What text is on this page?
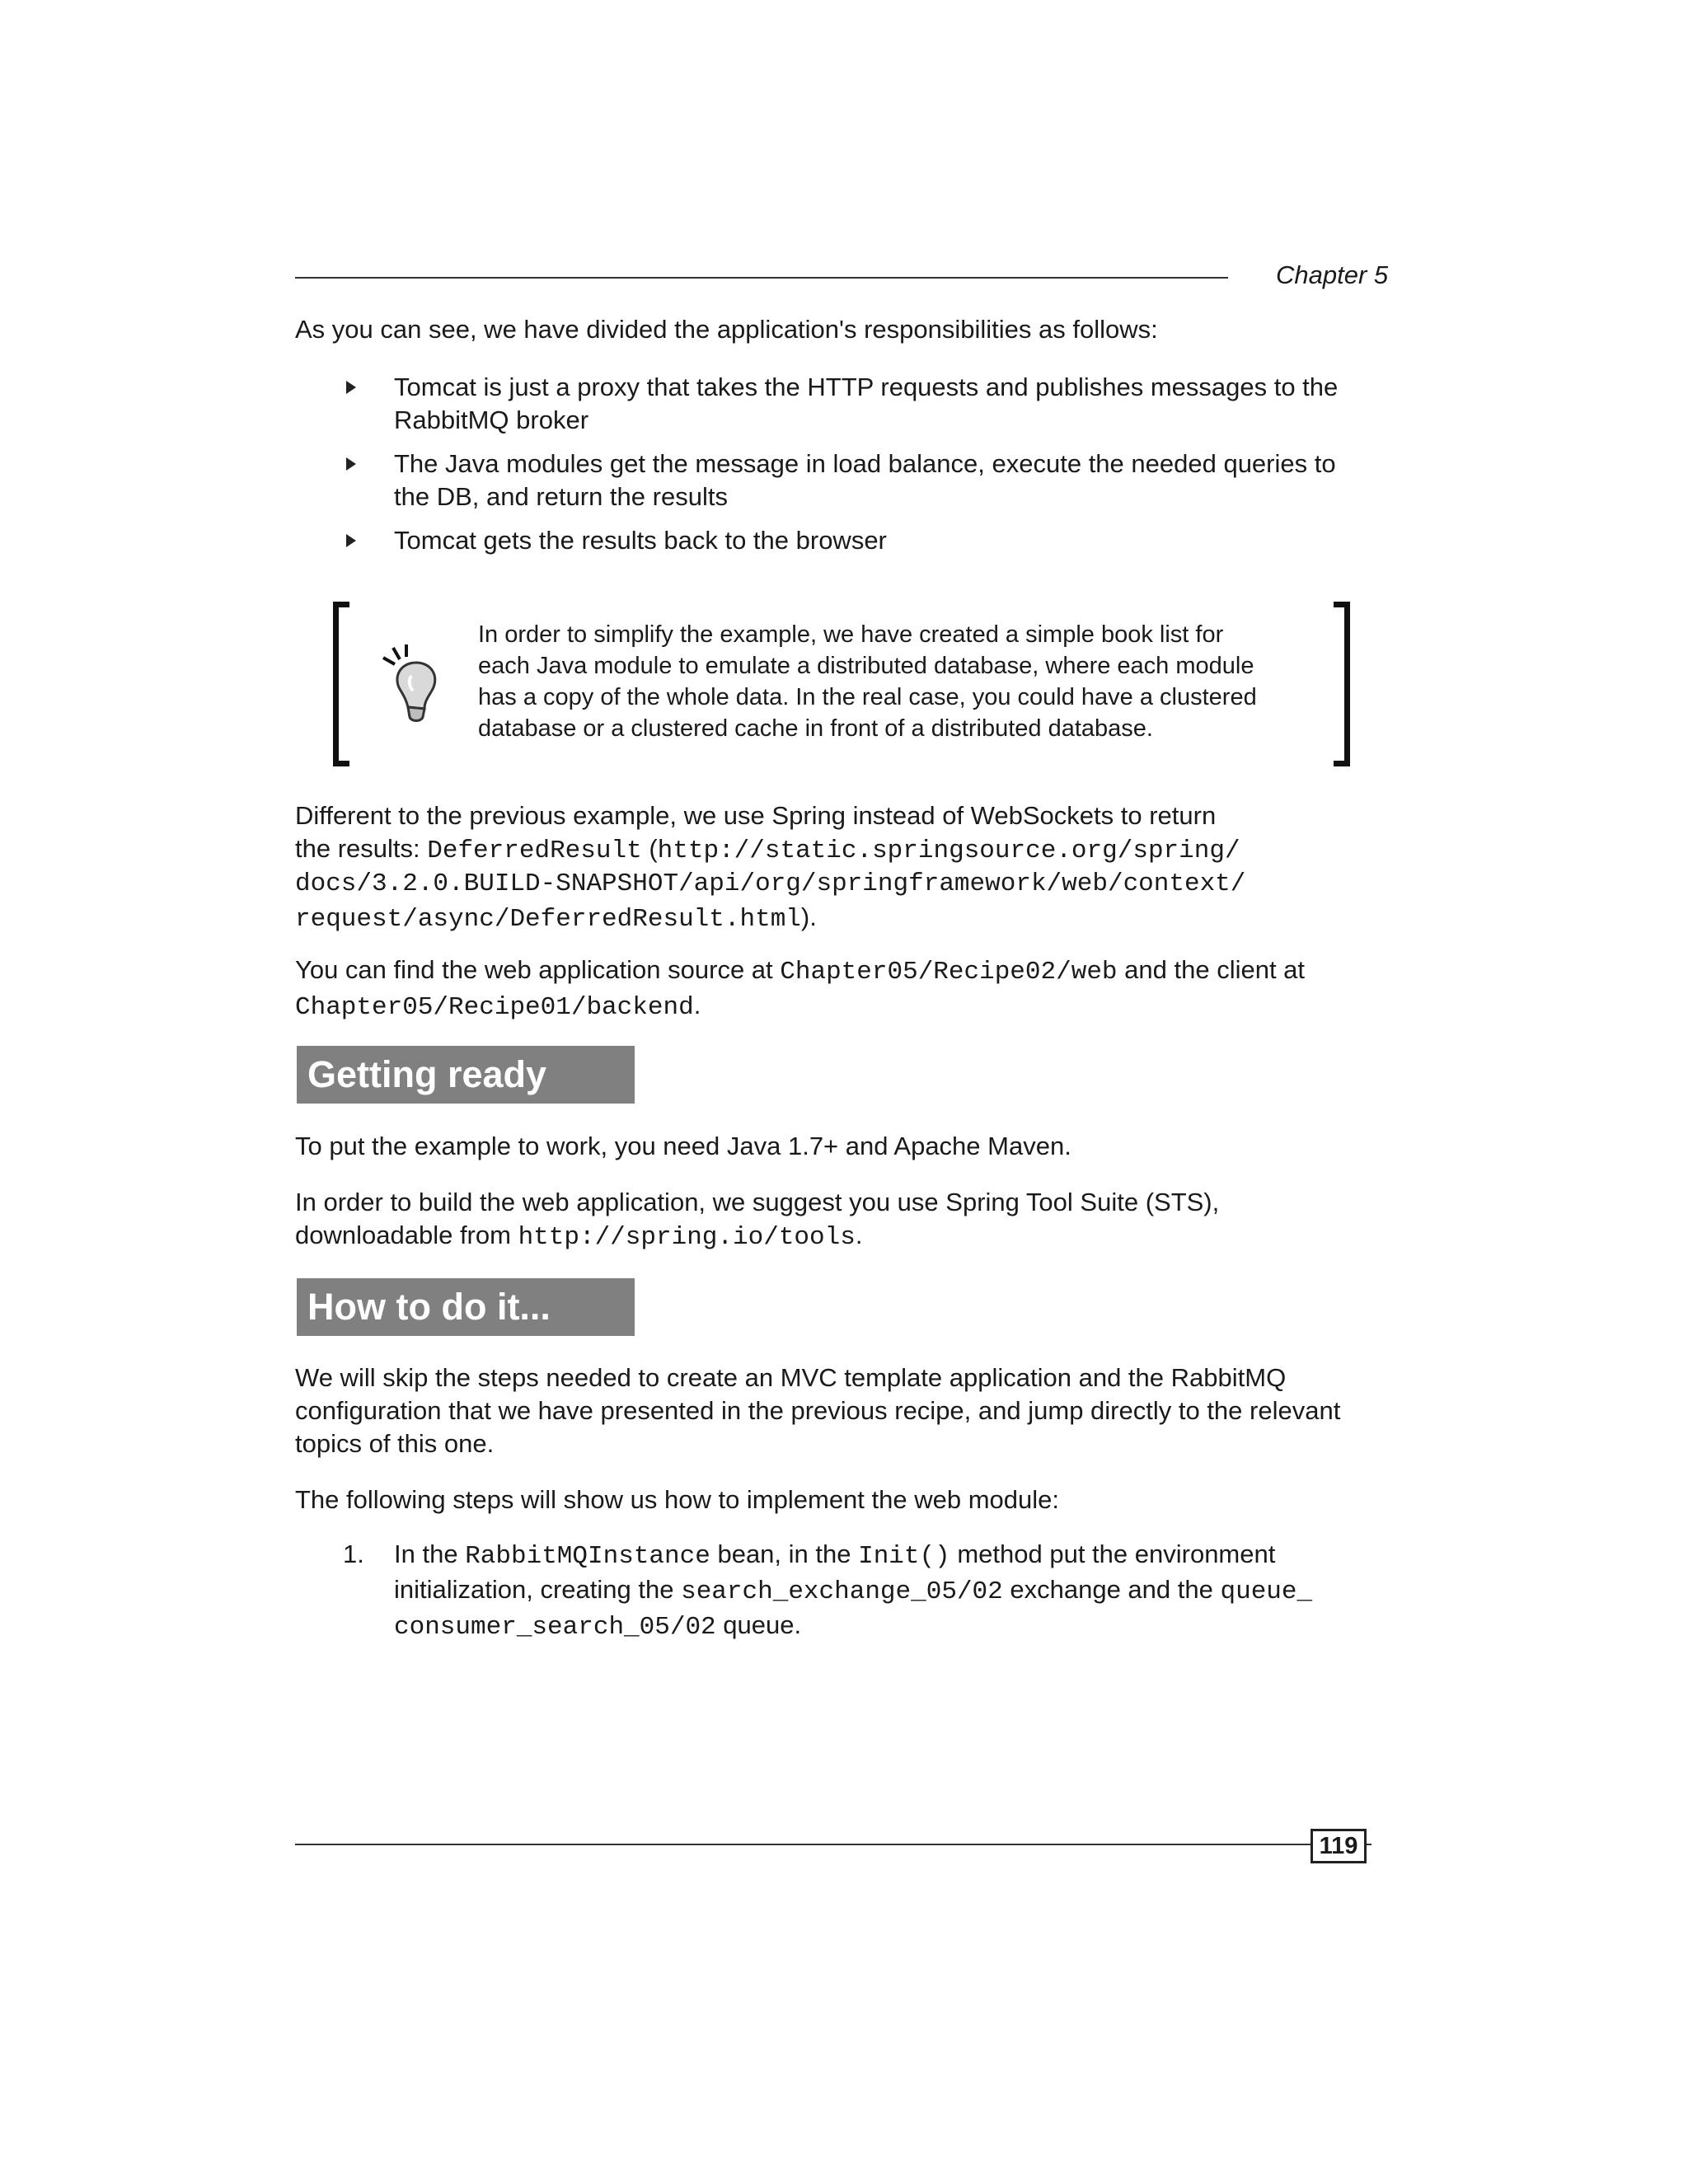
Chapter 5
As you can see, we have divided the application's responsibilities as follows:
Tomcat is just a proxy that takes the HTTP requests and publishes messages to the
RabbitMQ broker
The Java modules get the message in load balance, execute the needed queries to
the DB, and return the results
Tomcat gets the results back to the browser
In order to simplify the example, we have created a simple book list for
each Java module to emulate a distributed database, where each module
has a copy of the whole data. In the real case, you could have a clustered
database or a clustered cache in front of a distributed database.
Different to the previous example, we use Spring instead of WebSockets to return
the results: DeferredResult (http://static.springsource.org/spring/
docs/3.2.0.BUILD-SNAPSHOT/api/org/springframework/web/context/
request/async/DeferredResult.html).
You can find the web application source at Chapter05/Recipe02/web and the client at
Chapter05/Recipe01/backend.
Getting ready
To put the example to work, you need Java 1.7+ and Apache Maven.
In order to build the web application, we suggest you use Spring Tool Suite (STS),
downloadable from http://spring.io/tools.
How to do it...
We will skip the steps needed to create an MVC template application and the RabbitMQ
configuration that we have presented in the previous recipe, and jump directly to the relevant
topics of this one.
The following steps will show us how to implement the web module:
1. In the RabbitMQInstance bean, in the Init() method put the environment
initialization, creating the search_exchange_05/02 exchange and the queue_
consumer_search_05/02 queue.
119
